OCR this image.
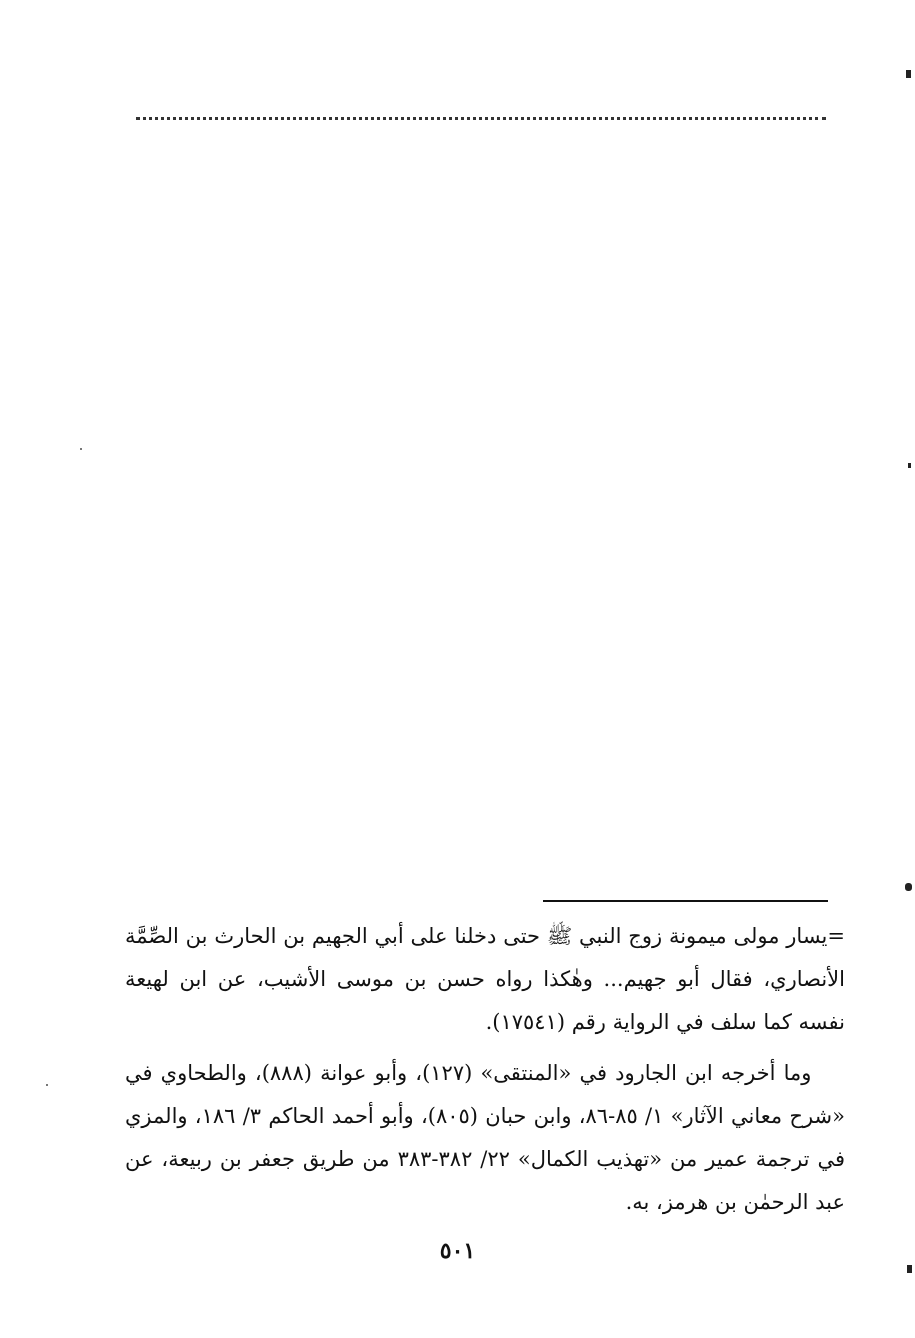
=يسار مولى ميمونة زوج النبي ﷺ حتى دخلنا على أبي الجهيم بن الحارث بن الصِّمَّة الأنصاري، فقال أبو جهيم... وهٰكذا رواه حسن بن موسى الأشيب، عن ابن لهيعة نفسه كما سلف في الرواية رقم (١٧٥٤١).

وما أخرجه ابن الجارود في «المنتقى» (١٢٧)، وأبو عوانة (٨٨٨)، والطحاوي في «شرح معاني الآثار» ١/ ٨٥-٨٦، وابن حبان (٨٠٥)، وأبو أحمد الحاكم ٣/ ١٨٦، والمزي في ترجمة عمير من «تهذيب الكمال» ٢٢/ ٣٨٢-٣٨٣ من طريق جعفر بن ربيعة، عن عبد الرحمٰن بن هرمز، به.

٥٠١
